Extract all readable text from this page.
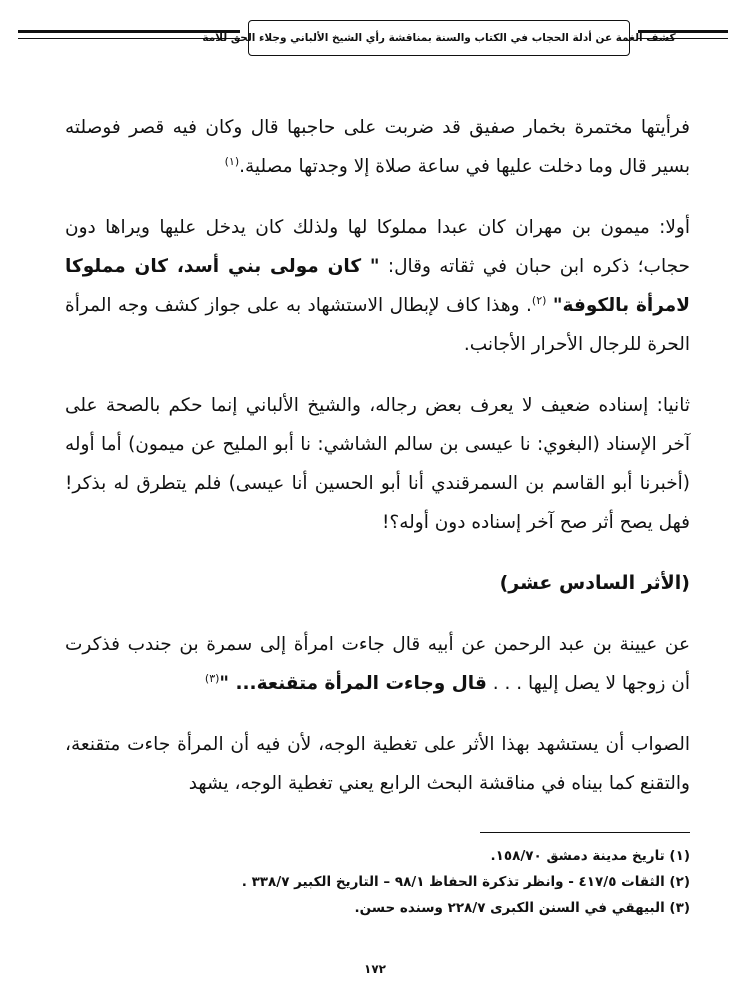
كشف الغمة عن أدلة الحجاب في الكتاب والسنة بمناقشة رأي الشيخ الألباني وجلاء الحق للأمة

فرأيتها مختمرة بخمار صفيق قد ضربت على حاجبها قال وكان فيه قصر فوصلته بسير قال وما دخلت عليها في ساعة صلاة إلا وجدتها مصلية.$^{(١)}$

أولا: ميمون بن مهران كان عبدا مملوكا لها ولذلك كان يدخل عليها ويراها دون حجاب؛ ذكره ابن حبان في ثقاته وقال: " كان مولى بني أسد، كان مملوكا لامرأة بالكوفة" $^{(٢)}$. وهذا كاف لإبطال الاستشهاد به على جواز كشف وجه المرأة الحرة للرجال الأحرار الأجانب.

ثانيا: إسناده ضعيف لا يعرف بعض رجاله، والشيخ الألباني إنما حكم بالصحة على آخر الإسناد (البغوي: نا عيسى بن سالم الشاشي: نا أبو المليح عن ميمون) أما أوله (أخبرنا أبو القاسم بن السمرقندي أنا أبو الحسين أنا عيسى) فلم يتطرق له بذكر! فهل يصح أثر صح آخر إسناده دون أوله؟!

(الأثر السادس عشر)

عن عيينة بن عبد الرحمن عن أبيه قال جاءت امرأة إلى سمرة بن جندب فذكرت أن زوجها لا يصل إليها . . . قال وجاءت المرأة متقنعة... "$^{(٣)}$

الصواب أن يستشهد بهذا الأثر على تغطية الوجه، لأن فيه أن المرأة جاءت متقنعة، والتقنع كما بيناه في مناقشة البحث الرابع يعني تغطية الوجه، يشهد

(١) تاريخ مدينة دمشق ١٥٨/٧٠.

(٢) الثقات ٤١٧/٥ - وانظر تذكرة الحفاظ ٩٨/١ – التاريخ الكبير ٣٣٨/٧ .

(٣) البيهقي في السنن الكبرى ٢٢٨/٧ وسنده حسن.

١٧٢
